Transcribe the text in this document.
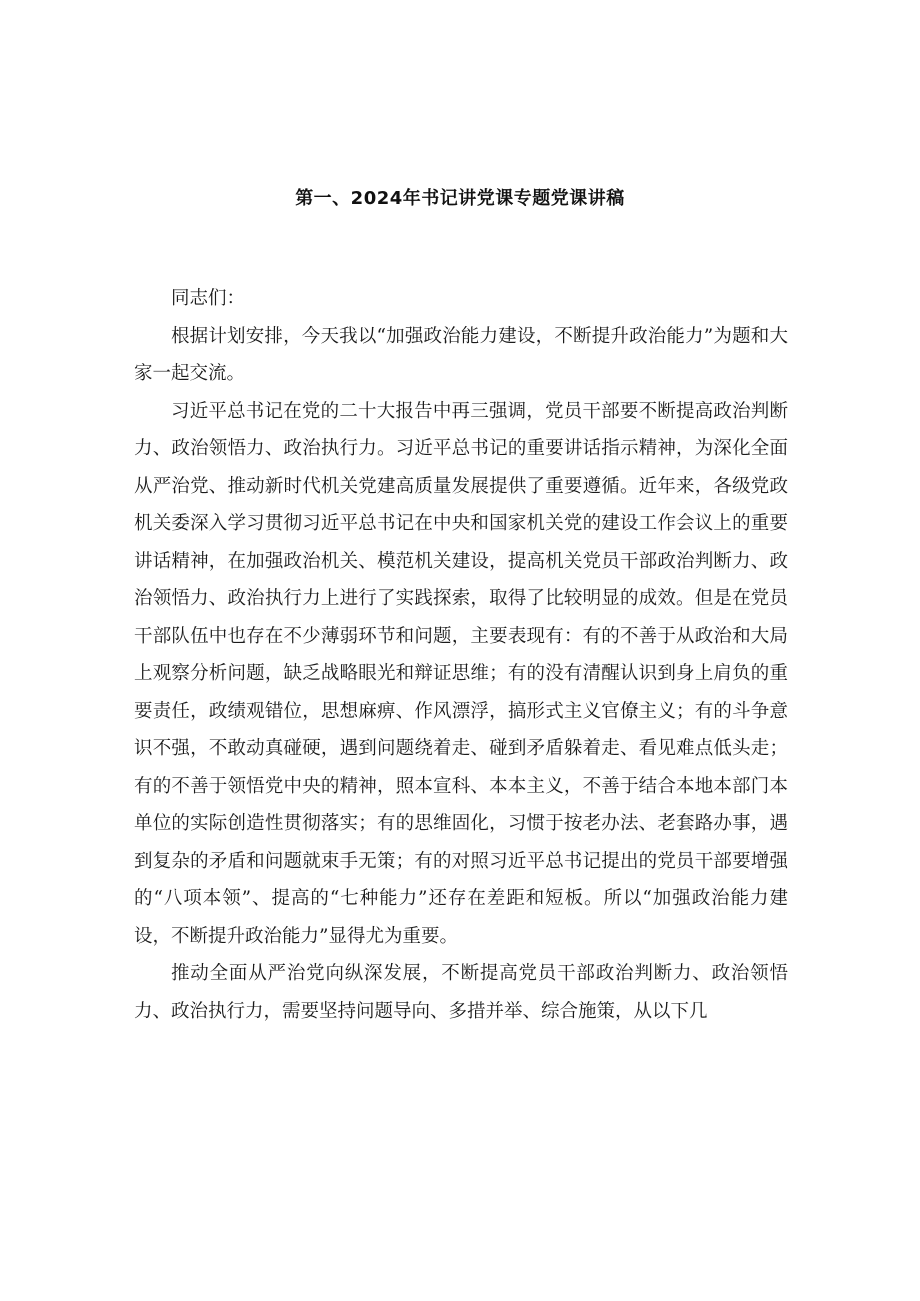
第一、2024年书记讲党课专题党课讲稿

同志们：

根据计划安排，今天我以“加强政治能力建设，不断提升政治能力”为题和大家一起交流。

习近平总书记在党的二十大报告中再三强调，党员干部要不断提高政治判断力、政治领悟力、政治执行力。习近平总书记的重要讲话指示精神，为深化全面从严治党、推动新时代机关党建高质量发展提供了重要遵循。近年来，各级党政机关委深入学习贯彻习近平总书记在中央和国家机关党的建设工作会议上的重要讲话精神，在加强政治机关、模范机关建设，提高机关党员干部政治判断力、政治领悟力、政治执行力上进行了实践探索，取得了比较明显的成效。但是在党员干部队伍中也存在不少薄弱环节和问题，主要表现有：有的不善于从政治和大局上观察分析问题，缺乏战略眼光和辩证思维；有的没有清醒认识到身上肩负的重要责任，政绩观错位，思想麻痹、作风漂浮，搞形式主义官僚主义；有的斗争意识不强，不敢动真碰硬，遇到问题绕着走、碰到矛盾躲着走、看见难点低头走；有的不善于领悟党中央的精神，照本宣科、本本主义，不善于结合本地本部门本单位的实际创造性贯彻落实；有的思维固化，习惯于按老办法、老套路办事，遇到复杂的矛盾和问题就束手无策；有的对照习近平总书记提出的党员干部要增强的“八项本领”、提高的“七种能力”还存在差距和短板。所以“加强政治能力建设，不断提升政治能力”显得尤为重要。

推动全面从严治党向纵深发展，不断提高党员干部政治判断力、政治领悟力、政治执行力，需要坚持问题导向、多措并举、综合施策，从以下几
